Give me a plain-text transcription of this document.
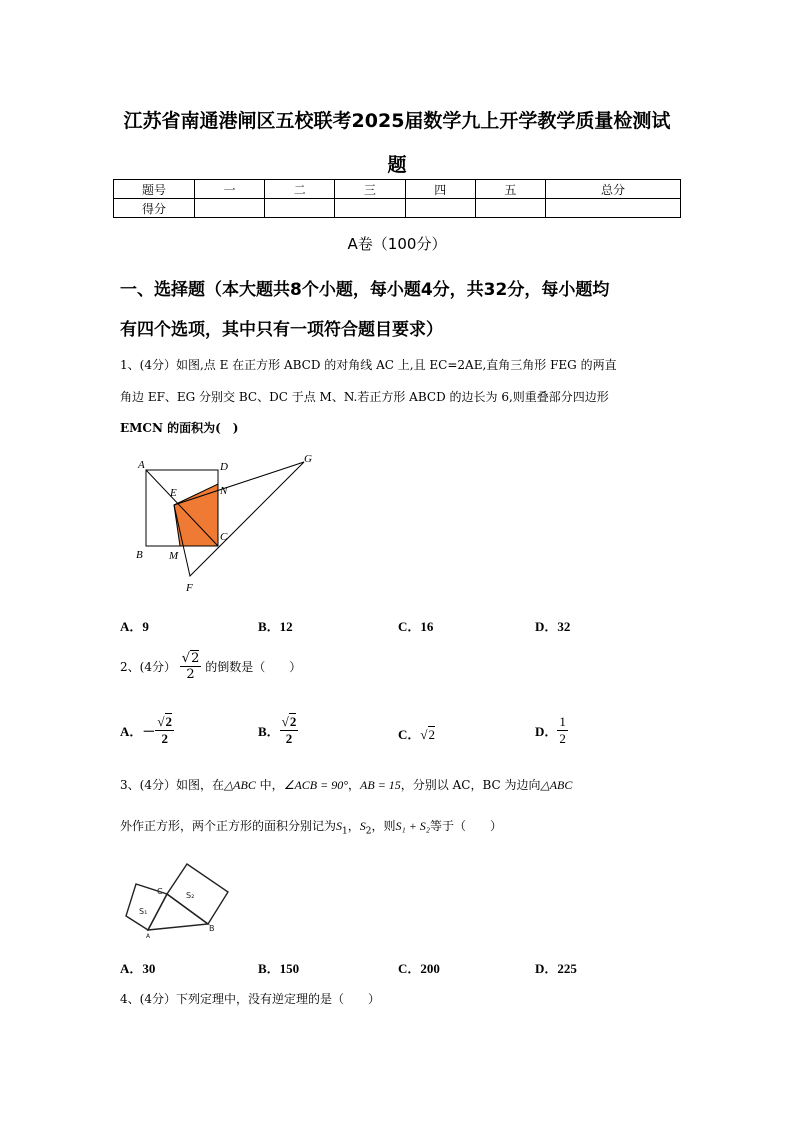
江苏省南通港闸区五校联考2025届数学九上开学教学质量检测试
题
题号	一	二	三	四	五	总分
得分						
A卷（100分）
一、选择题（本大题共8个小题，每小题4分，共32分，每小题均
有四个选项，其中只有一项符合题目要求）
1、(4分）如图,点 E 在正方形 ABCD 的对角线 AC 上,且 EC=2AE,直角三角形 FEG 的两直
角边 EF、EG 分别交 BC、DC 于点 M、N.若正方形 ABCD 的边长为 6,则重叠部分四边形
EMCN 的面积为(　)
A	D
G
E	N
C
B M
F
A．9	B．12	C．16	D．32
2、(4分） $\frac{√2}{2}$ 的倒数是（　　）
A．－ $\frac{√2}{2}$	B． $\frac{√2}{2}$	C．√2	D． $\frac{1}{2}$
3、(4分）如图，在△ABC 中，∠ACB = 90°，AB = 15，分别以 AC，BC 为边向△ABC
外作正方形，两个正方形的面积分别记为$S_1$，$S_2$，则S₁ + S₂等于（　　）
C
S₁
S₂
A
B
A．30	B．150	C．200	D．225
4、(4分）下列定理中，没有逆定理的是（　　）
